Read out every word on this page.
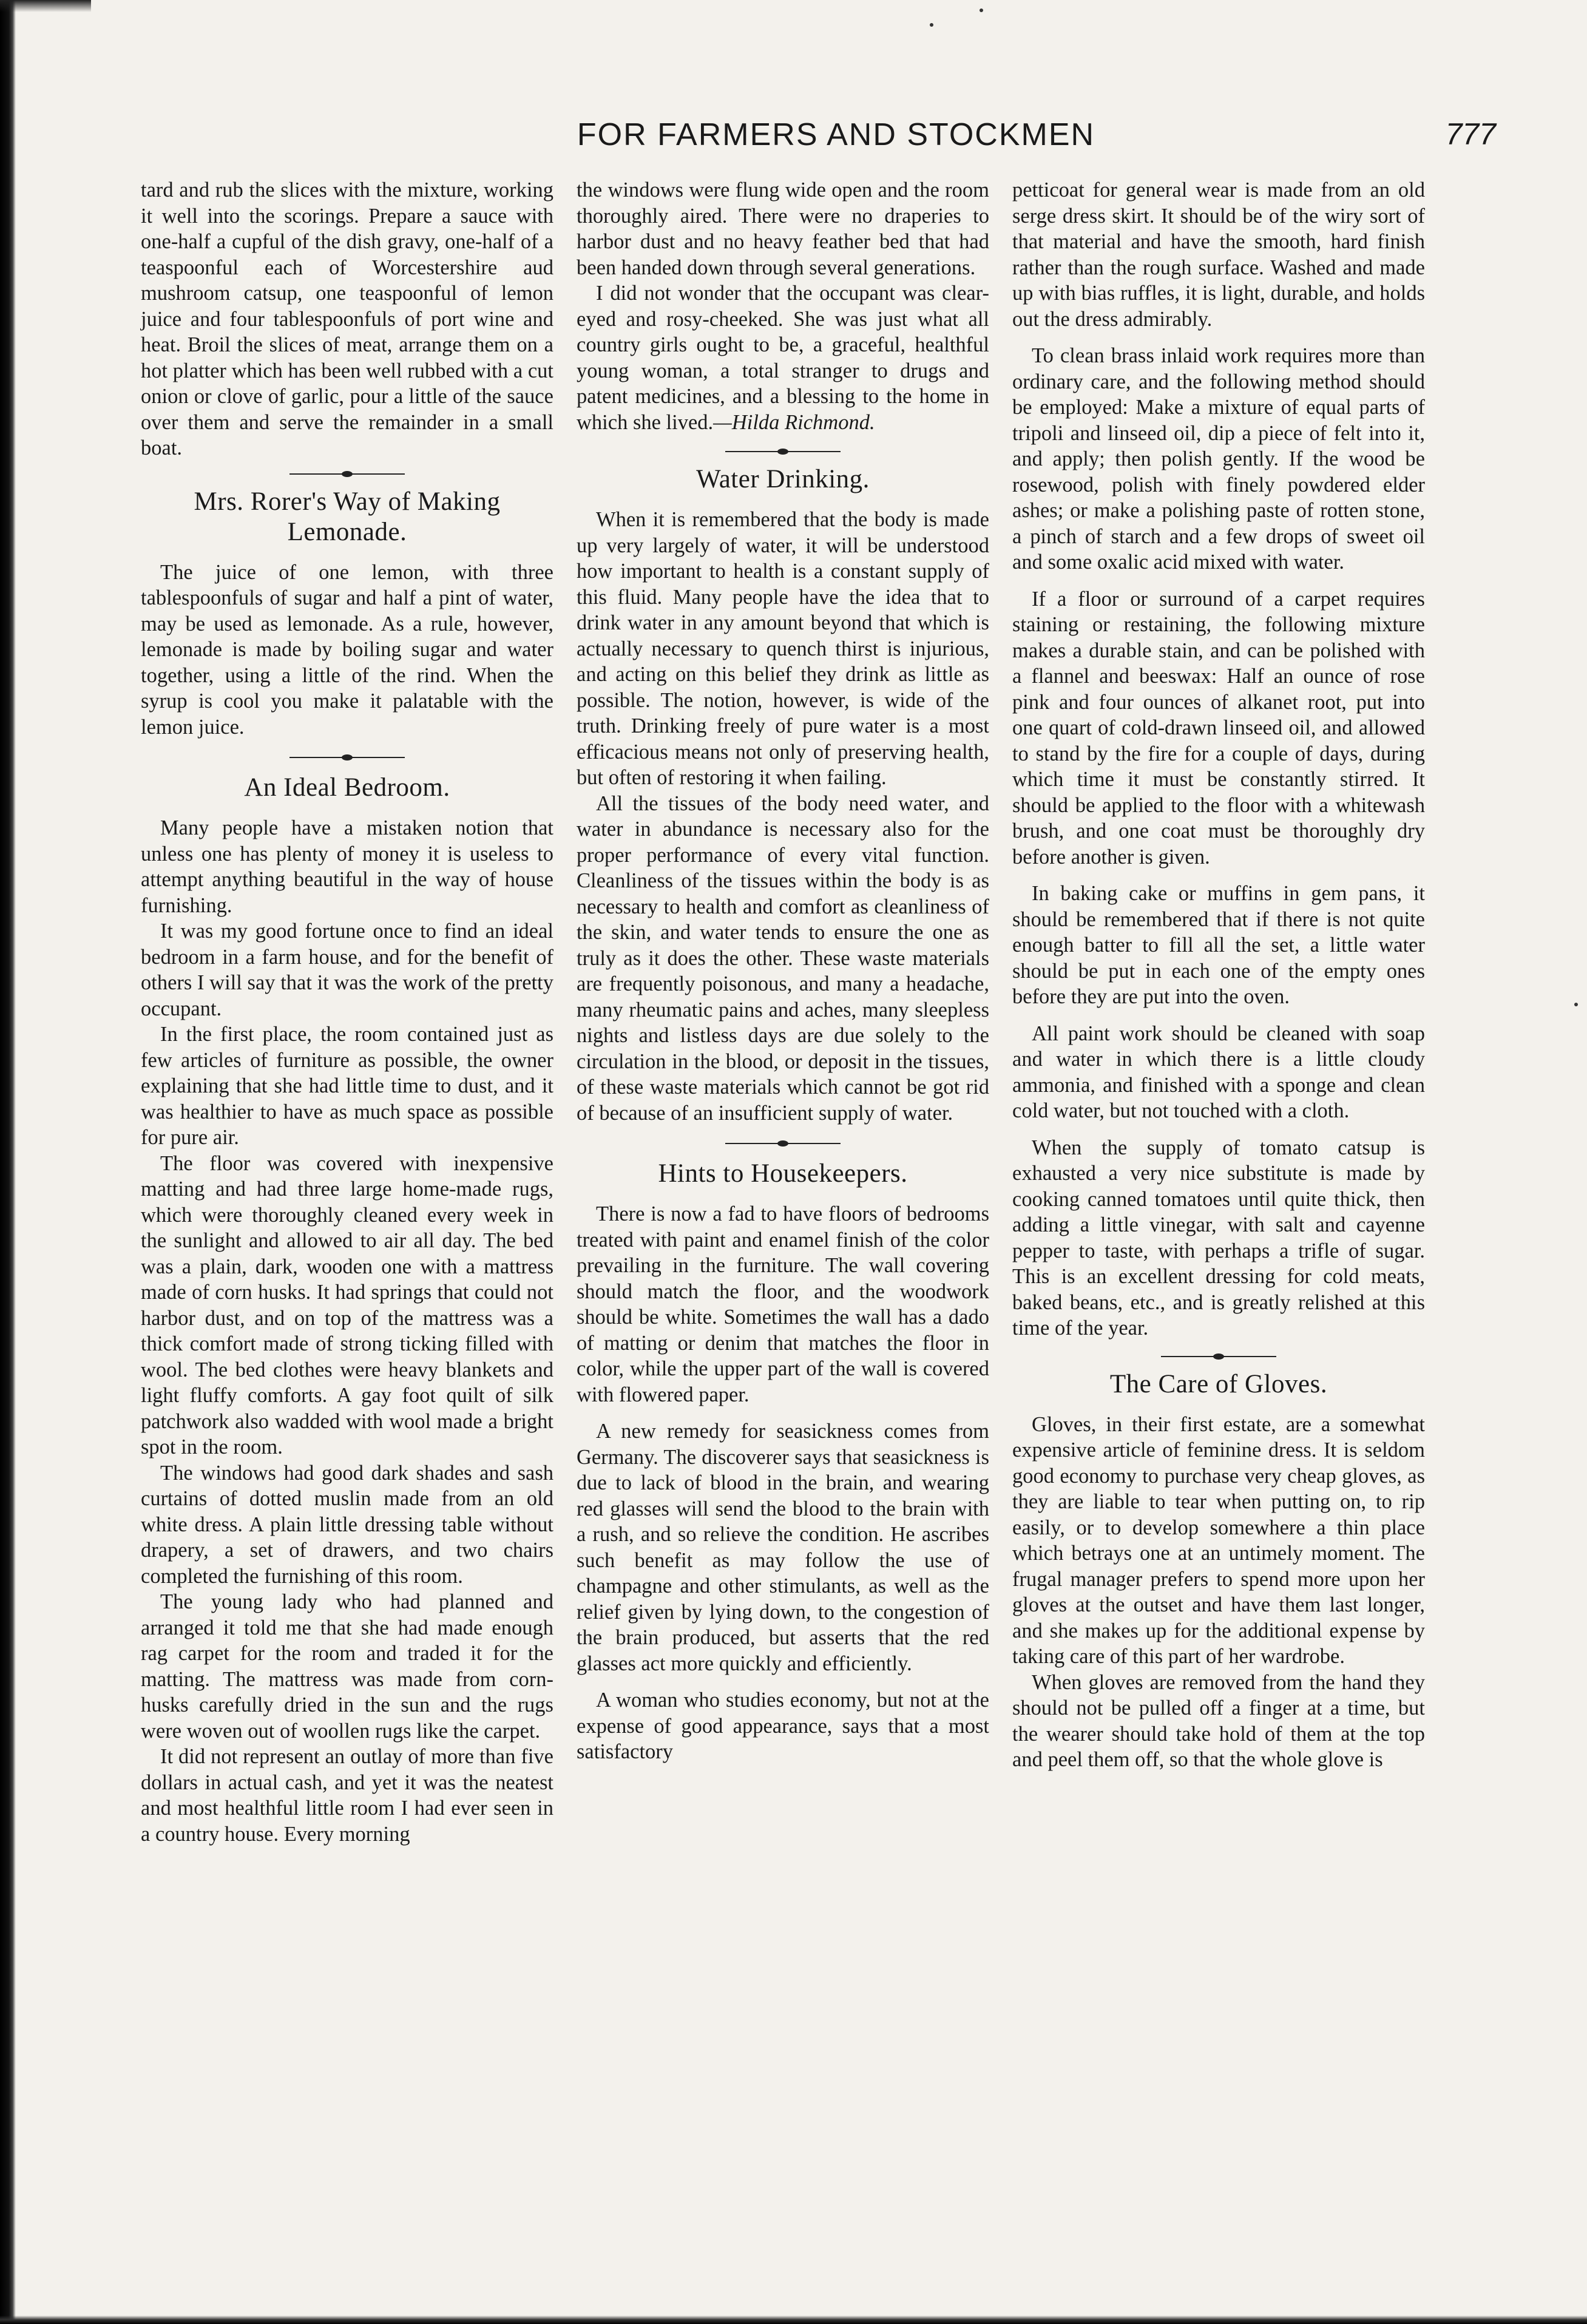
FOR FARMERS AND STOCKMEN	777

tard and rub the slices with the mixture, working it well into the scorings. Prepare a sauce with one-half a cupful of the dish gravy, one-half of a teaspoonful each of Worcestershire aud mushroom catsup, one teaspoonful of lemon juice and four tablespoonfuls of port wine and heat. Broil the slices of meat, arrange them on a hot platter which has been well rubbed with a cut onion or clove of garlic, pour a little of the sauce over them and serve the remainder in a small boat.

Mrs. Rorer's Way of Making Lemonade.

The juice of one lemon, with three tablespoonfuls of sugar and half a pint of water, may be used as lemonade. As a rule, however, lemonade is made by boiling sugar and water together, using a little of the rind. When the syrup is cool you make it palatable with the lemon juice.

An Ideal Bedroom.

Many people have a mistaken notion that unless one has plenty of money it is useless to attempt anything beautiful in the way of house furnishing.

It was my good fortune once to find an ideal bedroom in a farm house, and for the benefit of others I will say that it was the work of the pretty occupant.

In the first place, the room contained just as few articles of furniture as possible, the owner explaining that she had little time to dust, and it was healthier to have as much space as possible for pure air.

The floor was covered with inexpensive matting and had three large home-made rugs, which were thoroughly cleaned every week in the sunlight and allowed to air all day. The bed was a plain, dark, wooden one with a mattress made of corn husks. It had springs that could not harbor dust, and on top of the mattress was a thick comfort made of strong ticking filled with wool. The bed clothes were heavy blankets and light fluffy comforts. A gay foot quilt of silk patchwork also wadded with wool made a bright spot in the room.

The windows had good dark shades and sash curtains of dotted muslin made from an old white dress. A plain little dressing table without drapery, a set of drawers, and two chairs completed the furnishing of this room.

The young lady who had planned and arranged it told me that she had made enough rag carpet for the room and traded it for the matting. The mattress was made from corn-husks carefully dried in the sun and the rugs were woven out of woollen rugs like the carpet.

It did not represent an outlay of more than five dollars in actual cash, and yet it was the neatest and most healthful little room I had ever seen in a country house. Every morning

the windows were flung wide open and the room thoroughly aired. There were no draperies to harbor dust and no heavy feather bed that had been handed down through several generations.

I did not wonder that the occupant was clear-eyed and rosy-cheeked. She was just what all country girls ought to be, a graceful, healthful young woman, a total stranger to drugs and patent medicines, and a blessing to the home in which she lived.—Hilda Richmond.

Water Drinking.

When it is remembered that the body is made up very largely of water, it will be understood how important to health is a constant supply of this fluid. Many people have the idea that to drink water in any amount beyond that which is actually necessary to quench thirst is injurious, and acting on this belief they drink as little as possible. The notion, however, is wide of the truth. Drinking freely of pure water is a most efficacious means not only of preserving health, but often of restoring it when failing.

All the tissues of the body need water, and water in abundance is necessary also for the proper performance of every vital function. Cleanliness of the tissues within the body is as necessary to health and comfort as cleanliness of the skin, and water tends to ensure the one as truly as it does the other. These waste materials are frequently poisonous, and many a headache, many rheumatic pains and aches, many sleepless nights and listless days are due solely to the circulation in the blood, or deposit in the tissues, of these waste materials which cannot be got rid of because of an insufficient supply of water.

Hints to Housekeepers.

There is now a fad to have floors of bedrooms treated with paint and enamel finish of the color prevailing in the furniture. The wall covering should match the floor, and the woodwork should be white. Sometimes the wall has a dado of matting or denim that matches the floor in color, while the upper part of the wall is covered with flowered paper.

A new remedy for seasickness comes from Germany. The discoverer says that seasickness is due to lack of blood in the brain, and wearing red glasses will send the blood to the brain with a rush, and so relieve the condition. He ascribes such benefit as may follow the use of champagne and other stimulants, as well as the relief given by lying down, to the congestion of the brain produced, but asserts that the red glasses act more quickly and efficiently.

A woman who studies economy, but not at the expense of good appearance, says that a most satisfactory

petticoat for general wear is made from an old serge dress skirt. It should be of the wiry sort of that material and have the smooth, hard finish rather than the rough surface. Washed and made up with bias ruffles, it is light, durable, and holds out the dress admirably.

To clean brass inlaid work requires more than ordinary care, and the following method should be employed: Make a mixture of equal parts of tripoli and linseed oil, dip a piece of felt into it, and apply; then polish gently. If the wood be rosewood, polish with finely powdered elder ashes; or make a polishing paste of rotten stone, a pinch of starch and a few drops of sweet oil and some oxalic acid mixed with water.

If a floor or surround of a carpet requires staining or restaining, the following mixture makes a durable stain, and can be polished with a flannel and beeswax: Half an ounce of rose pink and four ounces of alkanet root, put into one quart of cold-drawn linseed oil, and allowed to stand by the fire for a couple of days, during which time it must be constantly stirred. It should be applied to the floor with a whitewash brush, and one coat must be thoroughly dry before another is given.

In baking cake or muffins in gem pans, it should be remembered that if there is not quite enough batter to fill all the set, a little water should be put in each one of the empty ones before they are put into the oven.

All paint work should be cleaned with soap and water in which there is a little cloudy ammonia, and finished with a sponge and clean cold water, but not touched with a cloth.

When the supply of tomato catsup is exhausted a very nice substitute is made by cooking canned tomatoes until quite thick, then adding a little vinegar, with salt and cayenne pepper to taste, with perhaps a trifle of sugar. This is an excellent dressing for cold meats, baked beans, etc., and is greatly relished at this time of the year.

The Care of Gloves.

Gloves, in their first estate, are a somewhat expensive article of feminine dress. It is seldom good economy to purchase very cheap gloves, as they are liable to tear when putting on, to rip easily, or to develop somewhere a thin place which betrays one at an untimely moment. The frugal manager prefers to spend more upon her gloves at the outset and have them last longer, and she makes up for the additional expense by taking care of this part of her wardrobe.

When gloves are removed from the hand they should not be pulled off a finger at a time, but the wearer should take hold of them at the top and peel them off, so that the whole glove is
